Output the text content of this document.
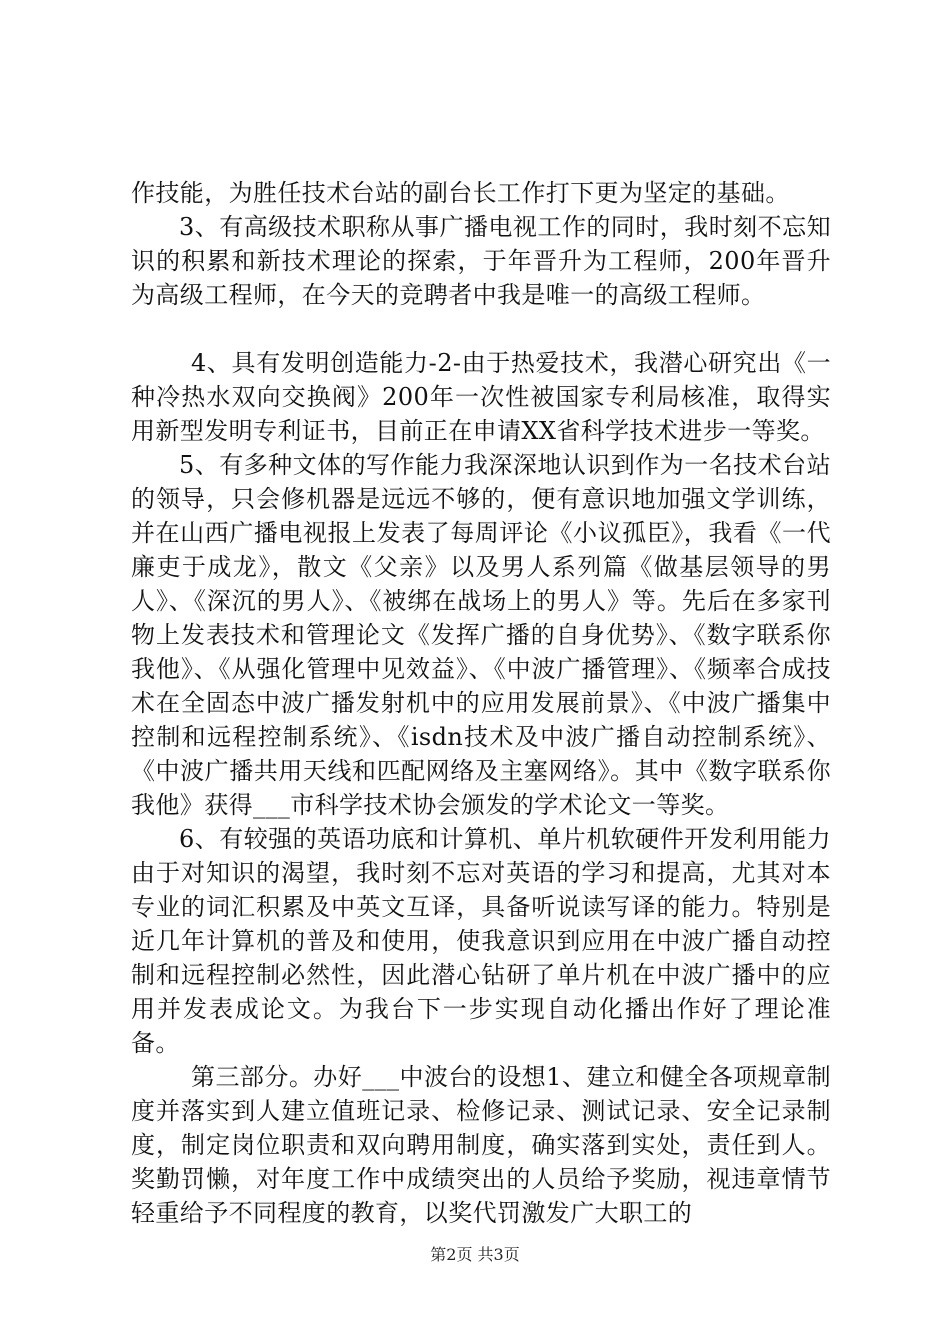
作技能，为胜任技术台站的副台长工作打下更为坚定的基础。

3、有高级技术职称从事广播电视工作的同时，我时刻不忘知识的积累和新技术理论的探索，于年晋升为工程师，200年晋升为高级工程师，在今天的竞聘者中我是唯一的高级工程师。

4、具有发明创造能力-2-由于热爱技术，我潜心研究出《一种冷热水双向交换阀》200年一次性被国家专利局核准，取得实用新型发明专利证书，目前正在申请XX省科学技术进步一等奖。

5、有多种文体的写作能力我深深地认识到作为一名技术台站的领导，只会修机器是远远不够的，便有意识地加强文学训练，并在山西广播电视报上发表了每周评论《小议孤臣》，我看《一代廉吏于成龙》，散文《父亲》以及男人系列篇《做基层领导的男人》、《深沉的男人》、《被绑在战场上的男人》等。先后在多家刊物上发表技术和管理论文《发挥广播的自身优势》、《数字联系你我他》、《从强化管理中见效益》、《中波广播管理》、《频率合成技术在全固态中波广播发射机中的应用发展前景》、《中波广播集中控制和远程控制系统》、《isdn技术及中波广播自动控制系统》、《中波广播共用天线和匹配网络及主塞网络》。其中《数字联系你我他》获得___市科学技术协会颁发的学术论文一等奖。

6、有较强的英语功底和计算机、单片机软硬件开发利用能力由于对知识的渴望，我时刻不忘对英语的学习和提高，尤其对本专业的词汇积累及中英文互译，具备听说读写译的能力。特别是近几年计算机的普及和使用，使我意识到应用在中波广播自动控制和远程控制必然性，因此潜心钻研了单片机在中波广播中的应用并发表成论文。为我台下一步实现自动化播出作好了理论准备。

第三部分。办好___中波台的设想1、建立和健全各项规章制度并落实到人建立值班记录、检修记录、测试记录、安全记录制度，制定岗位职责和双向聘用制度，确实落到实处，责任到人。奖勤罚懒，对年度工作中成绩突出的人员给予奖励，视违章情节轻重给予不同程度的教育，以奖代罚激发广大职工的

第2页 共3页
